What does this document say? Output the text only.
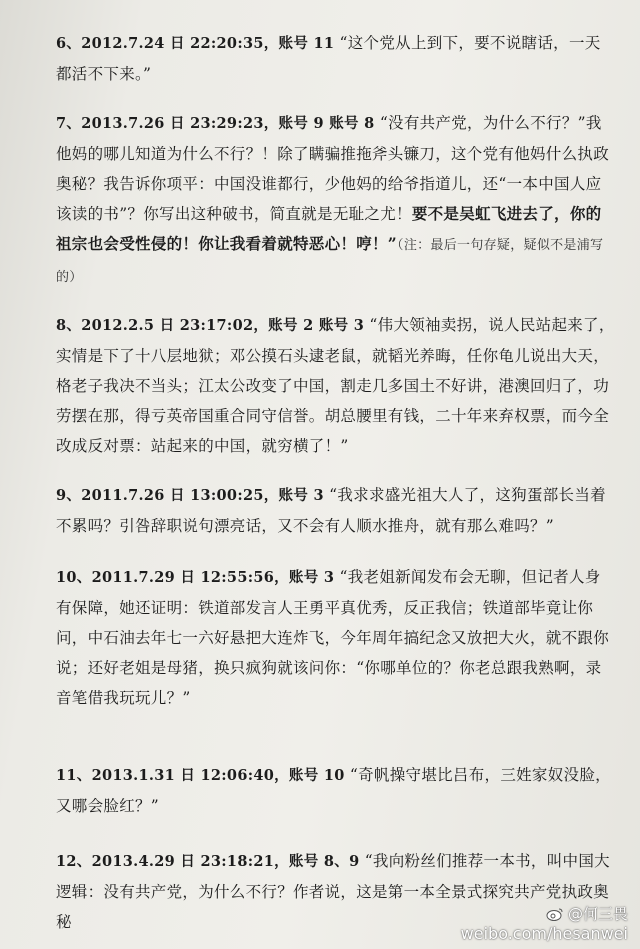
6、2012.7.24 日 22:20:35，账号 11 “这个党从上到下，要不说瞎话，一天都活不下来。”
7、2013.7.26 日 23:29:23，账号 9 账号 8 “没有共产党，为什么不行？”我他妈的哪儿知道为什么不行？！除了瞒骗推拖斧头镰刀，这个党有他妈什么执政奥秘？我告诉你项平：中国没谁都行，少他妈的给爷指道儿，还“一本中国人应该读的书”？你写出这种破书，简直就是无耻之尤！要不是吴虹飞进去了，你的祖宗也会受性侵的！你让我看着就特恶心！哼！”（注：最后一句存疑，疑似不是浦写的）
8、2012.2.5 日 23:17:02，账号 2 账号 3 “伟大领袖卖拐，说人民站起来了，实情是下了十八层地狱；邓公摸石头逮老鼠，就韬光养晦，任你龟儿说出大天，格老子我决不当头；江太公改变了中国，割走几多国土不好讲，港澳回归了，功劳摆在那，得亏英帝国重合同守信誉。胡总腰里有钱，二十年来弃权票，而今全改成反对票：站起来的中国，就穷横了！”
9、2011.7.26 日 13:00:25，账号 3 “我求求盛光祖大人了，这狗蛋部长当着不累吗？引咎辞职说句漂亮话，又不会有人顺水推舟，就有那么难吗？”
10、2011.7.29 日 12:55:56，账号 3 “我老姐新闻发布会无聊，但记者人身有保障，她还证明：铁道部发言人王勇平真优秀，反正我信；铁道部毕竟让你问，中石油去年七一六好悬把大连炸飞，今年周年搞纪念又放把大火，就不跟你说；还好老姐是母猪，换只疯狗就该问你：“你哪单位的？你老总跟我熟啊，录音笔借我玩玩儿？”
11、2013.1.31 日 12:06:40，账号 10 “奇帆操守堪比吕布，三姓家奴没脸，又哪会脸红？”
12、2013.4.29 日 23:18:21，账号 8、9 “我向粉丝们推荐一本书，叫中国大逻辑：没有共产党，为什么不行？作者说，这是第一本全景式探究共产党执政奥秘	@何三畏
weibo.com/hesanwei
